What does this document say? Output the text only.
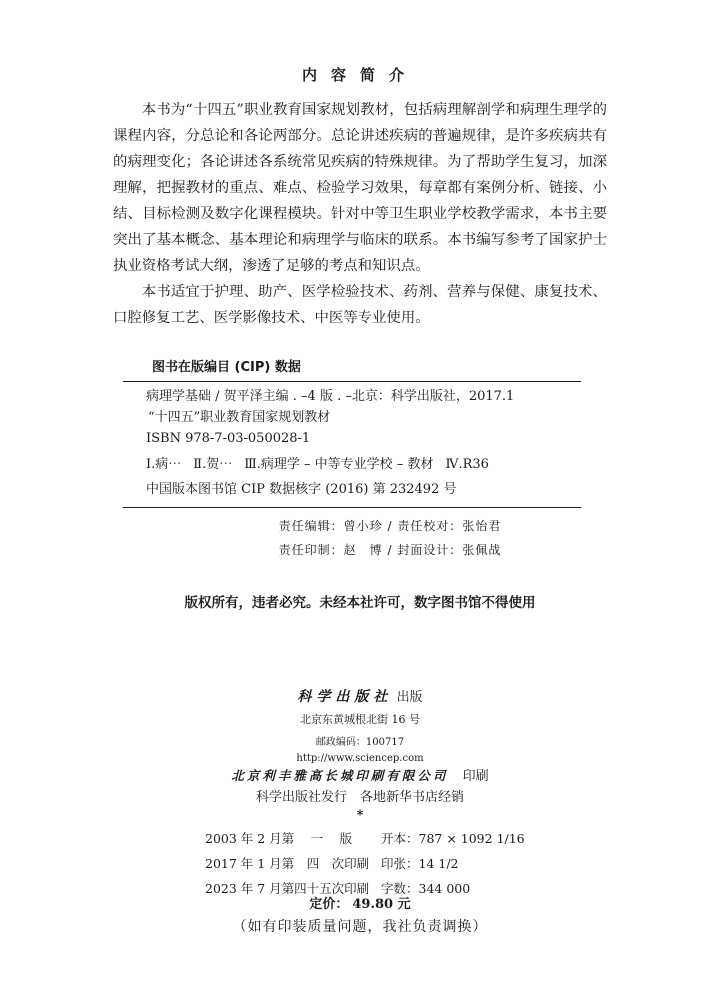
内容简介

本书为“十四五”职业教育国家规划教材，包括病理解剖学和病理生理学的课程内容，分总论和各论两部分。总论讲述疾病的普遍规律，是许多疾病共有的病理变化；各论讲述各系统常见疾病的特殊规律。为了帮助学生复习，加深理解，把握教材的重点、难点、检验学习效果，每章都有案例分析、链接、小结、目标检测及数字化课程模块。针对中等卫生职业学校教学需求，本书主要突出了基本概念、基本理论和病理学与临床的联系。本书编写参考了国家护士执业资格考试大纲，渗透了足够的考点和知识点。

本书适宜于护理、助产、医学检验技术、药剂、营养与保健、康复技术、口腔修复工艺、医学影像技术、中医等专业使用。

图书在版编目 (CIP) 数据
病理学基础 / 贺平泽主编 . –4 版 . –北京：科学出版社，2017.1
“十四五”职业教育国家规划教材
ISBN 978-7-03-050028-1
Ⅰ.病⋯ Ⅱ.贺⋯ Ⅲ.病理学 – 中等专业学校 – 教材 Ⅳ.R36
中国版本图书馆 CIP 数据核字 (2016) 第 232492 号
责任编辑：曾小珍 / 责任校对：张怡君
责任印制：赵　博 / 封面设计：张佩战
版权所有，违者必究。未经本社许可，数字图书馆不得使用
科学出版社 出版
北京东黄城根北街 16 号
邮政编码：100717
http://www.sciencep.com
北京利丰雅高长城印刷有限公司 印刷
科学出版社发行　各地新华书店经销
*
2003 年 2 月第　 一　 版 开本：787 × 1092 1/16
2017 年 1 月第　四　次印刷 印张：14 1/2
2023 年 7 月第四十五次印刷 字数：344 000
定价： 49.80 元
（如有印装质量问题，我社负责调换）
